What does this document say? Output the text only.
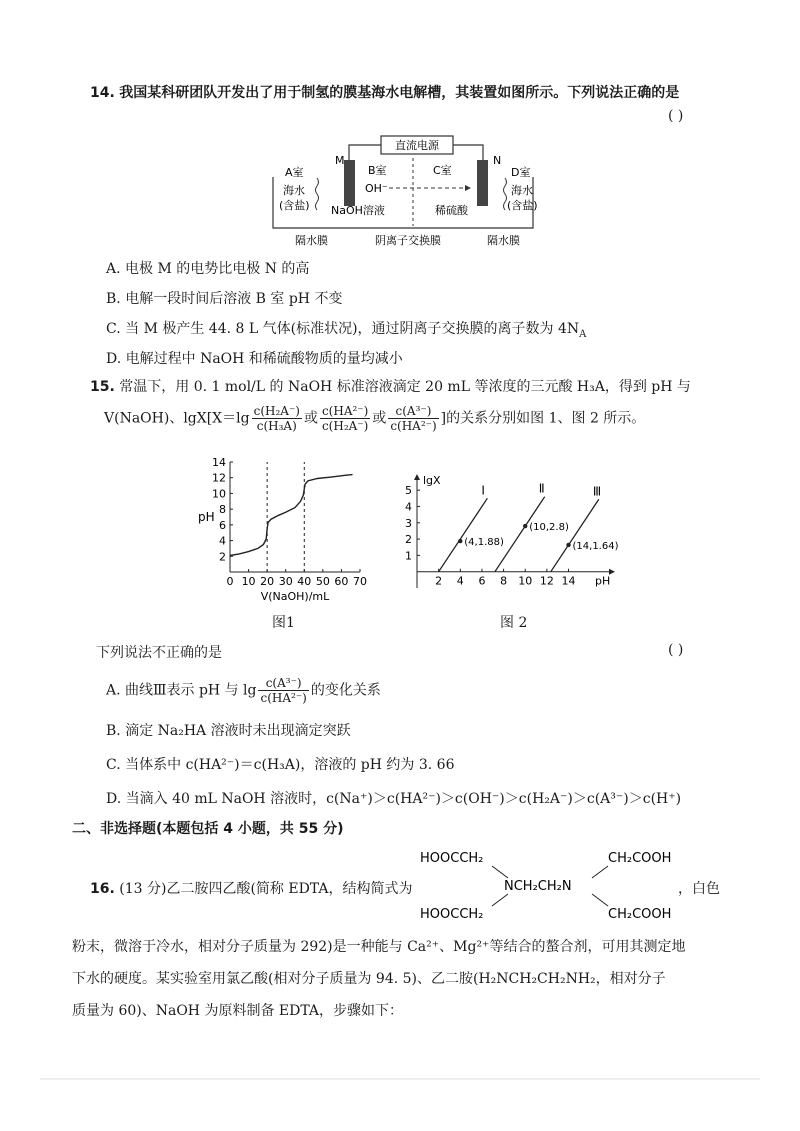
14. 我国某科研团队开发出了用于制氢的膜基海水电解槽，其装置如图所示。下列说法正确的是
( )
直流电源
M	N
A室	B室	C室	D室
海水
(含盐)
海水
(含盐)
OH⁻
NaOH溶液	稀硫酸
隔水膜	阴离子交换膜	隔水膜
A. 电极 M 的电势比电极 N 的高
B. 电解一段时间后溶液 B 室 pH 不变
C. 当 M 极产生 44. 8 L 气体(标准状况)，通过阴离子交换膜的离子数为 $4N_A$
D. 电解过程中 NaOH 和稀硫酸物质的量均减小
15. 常温下，用 0. 1 mol/L 的 NaOH 标准溶液滴定 20 mL 等浓度的三元酸 H₃A，得到 pH 与
V(NaOH)、$\lg X[X=\lg \frac{\text{c(H₂A⁻)}}{\text{c(H₃A)}}$ 或 $\frac{\text{c(HA²⁻)}}{\text{c(H₂A⁻)}}$ 或 $\frac{\text{c(A³⁻)}}{\text{c(HA²⁻)}}$ ]的关系分别如图 1、图 2 所示。
0 10 20 30 40 50 60 70
2
4
6
8
10
12
14
pH
V(NaOH)/mL
图1
2 4 6 8 10 12 14
1
2
3
4
5
lgX
pH
Ⅰ	Ⅱ	Ⅲ
(4,1.88)
(10,2.8)
(14,1.64)
图 2
下列说法不正确的是	( )
A. 曲线Ⅲ表示 pH 与 $\lg \frac{\text{c(A³⁻)}}{\text{c(HA²⁻)}}$ 的变化关系
B. 滴定 Na₂HA 溶液时未出现滴定突跃
C. 当体系中 c(HA²⁻)＝c(H₃A)，溶液的 pH 约为 3. 66
D. 当滴入 40 mL NaOH 溶液时，c(Na⁺)＞c(HA²⁻)＞c(OH⁻)＞c(H₂A⁻)＞c(A³⁻)＞c(H⁺)
二、非选择题(本题包括 4 小题，共 55 分)
16. (13 分)乙二胺四乙酸(简称 EDTA，结构简式为
HOOCCH₂
HOOCCH₂
CH₂COOH
CH₂COOH
NCH₂CH₂N	，白色
粉末，微溶于冷水，相对分子质量为 292)是一种能与 Ca²⁺、Mg²⁺等结合的螯合剂，可用其测定地
下水的硬度。某实验室用氯乙酸(相对分子质量为 94. 5)、乙二胺(H₂NCH₂CH₂NH₂，相对分子
质量为 60)、NaOH 为原料制备 EDTA，步骤如下：
